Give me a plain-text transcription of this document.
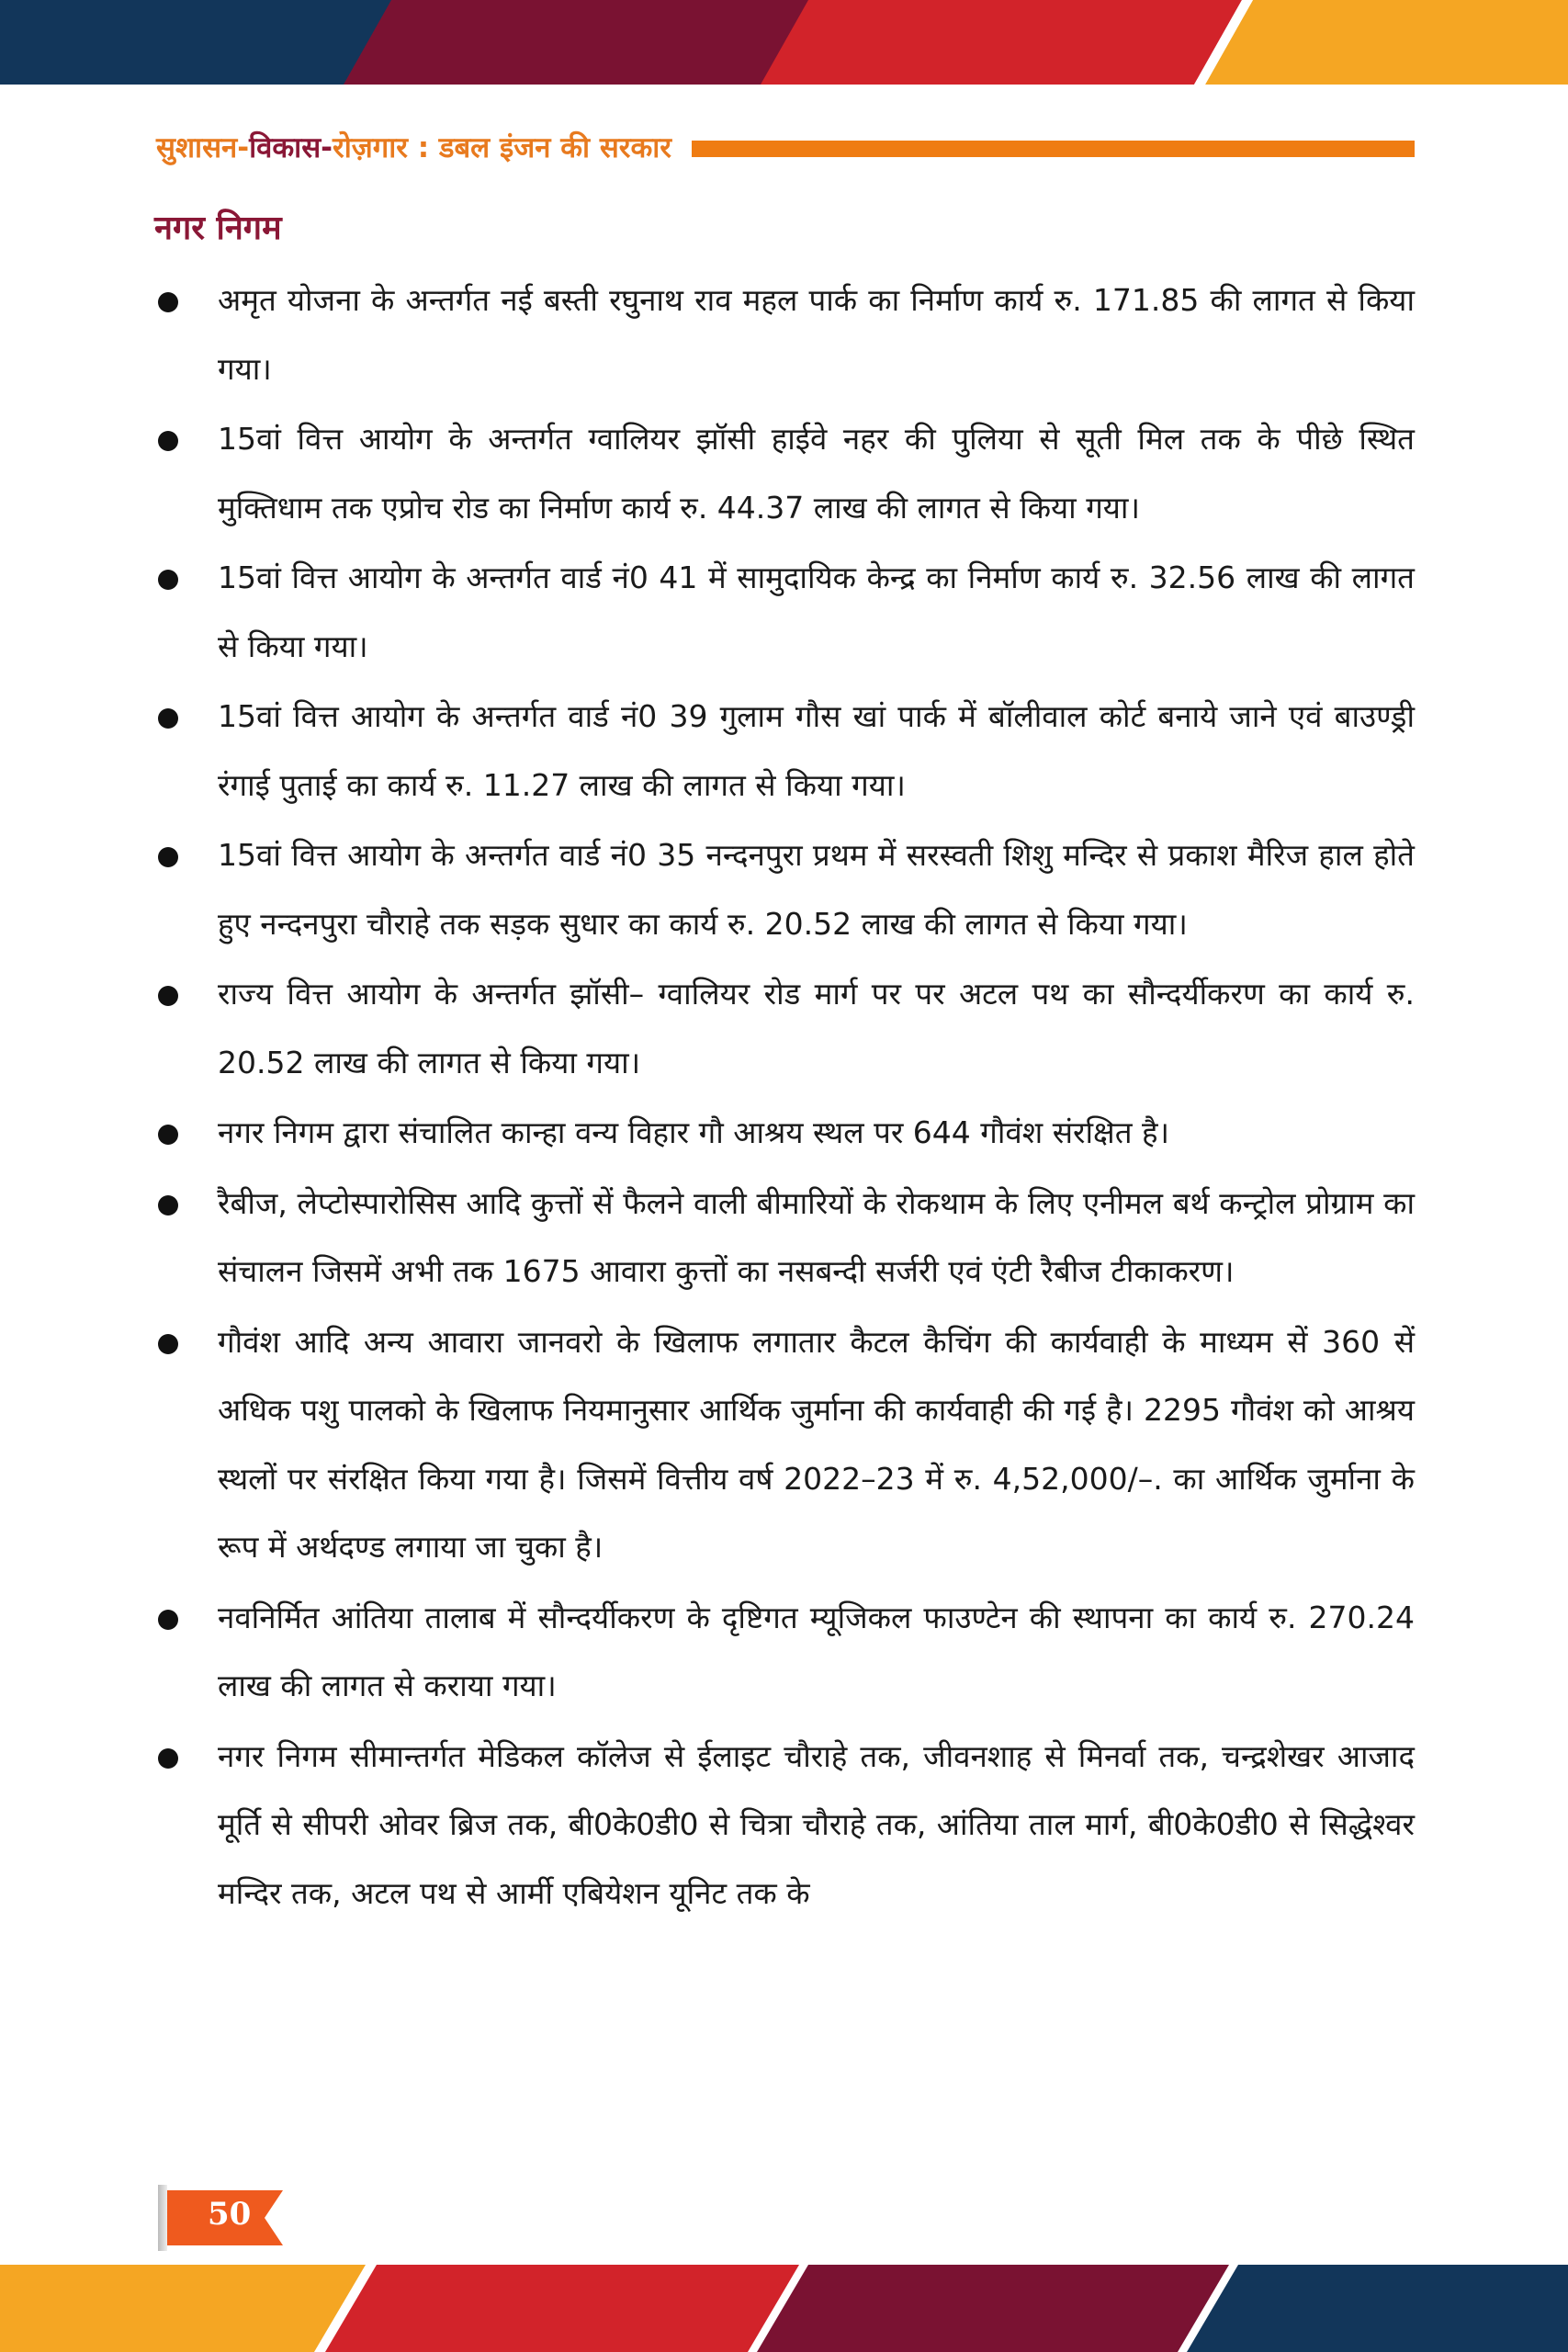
सुशासन-विकास-रोज़गार : डबल इंजन की सरकार
नगर निगम
अमृत योजना के अन्तर्गत नई बस्ती रघुनाथ राव महल पार्क का निर्माण कार्य रु. 171.85 की लागत से किया गया।
15वां वित्त आयोग के अन्तर्गत ग्वालियर झॉसी हाईवे नहर की पुलिया से सूती मिल तक के पीछे स्थित मुक्तिधाम तक एप्रोच रोड का निर्माण कार्य रु. 44.37 लाख की लागत से किया गया।
15वां वित्त आयोग के अन्तर्गत वार्ड नं0 41 में सामुदायिक केन्द्र का निर्माण कार्य रु. 32.56 लाख की लागत से किया गया।
15वां वित्त आयोग के अन्तर्गत वार्ड नं0 39 गुलाम गौस खां पार्क में बॉलीवाल कोर्ट बनाये जाने एवं बाउण्ड्री रंगाई पुताई का कार्य रु. 11.27 लाख की लागत से किया गया।
15वां वित्त आयोग के अन्तर्गत वार्ड नं0 35 नन्दनपुरा प्रथम में सरस्वती शिशु मन्दिर से प्रकाश मैरिज हाल होते हुए नन्दनपुरा चौराहे तक सड़क सुधार का कार्य रु. 20.52 लाख की लागत से किया गया।
राज्य वित्त आयोग के अन्तर्गत झॉसी– ग्वालियर रोड मार्ग पर पर अटल पथ का सौन्दर्यीकरण का कार्य रु. 20.52 लाख की लागत से किया गया।
नगर निगम द्वारा संचालित कान्हा वन्य विहार गौ आश्रय स्थल पर 644 गौवंश संरक्षित है।
रैबीज, लेप्टोस्पारोसिस आदि कुत्तों सें फैलने वाली बीमारियों के रोकथाम के लिए एनीमल बर्थ कन्ट्रोल प्रोग्राम का संचालन जिसमें अभी तक 1675 आवारा कुत्तों का नसबन्दी सर्जरी एवं एंटी रैबीज टीकाकरण।
गौवंश आदि अन्य आवारा जानवरो के खिलाफ लगातार कैटल कैचिंग की कार्यवाही के माध्यम सें 360 सें अधिक पशु पालको के खिलाफ नियमानुसार आर्थिक जुर्माना की कार्यवाही की गई है। 2295 गौवंश को आश्रय स्थलों पर संरक्षित किया गया है। जिसमें वित्तीय वर्ष 2022–23 में रु. 4,52,000/–. का आर्थिक जुर्माना के रूप में अर्थदण्ड लगाया जा चुका है।
नवनिर्मित आंतिया तालाब में सौन्दर्यीकरण के दृष्टिगत म्यूजिकल फाउण्टेन की स्थापना का कार्य रु. 270.24 लाख की लागत से कराया गया।
नगर निगम सीमान्तर्गत मेडिकल कॉलेज से ईलाइट चौराहे तक, जीवनशाह से मिनर्वा तक, चन्द्रशेखर आजाद मूर्ति से सीपरी ओवर ब्रिज तक, बी0के0डी0 से चित्रा चौराहे तक, आंतिया ताल मार्ग, बी0के0डी0 से सिद्धेश्वर मन्दिर तक, अटल पथ से आर्मी एबियेशन यूनिट तक के
50
